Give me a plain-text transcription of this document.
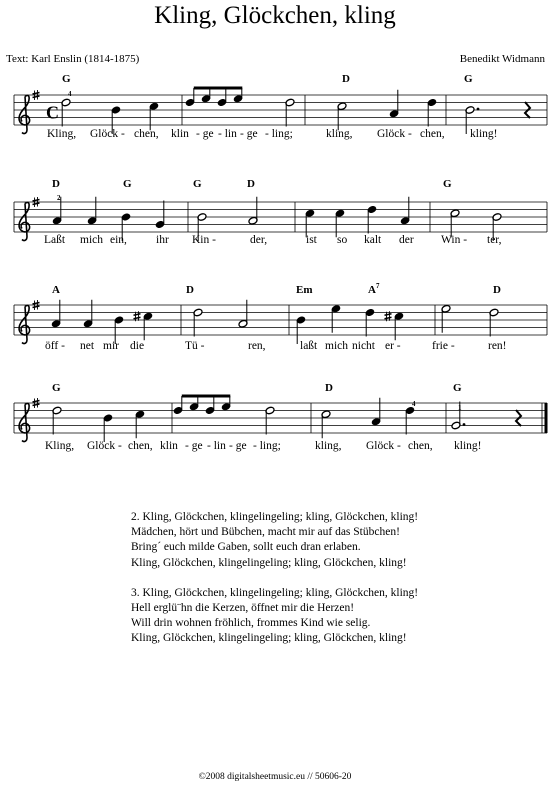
Kling, Glöckchen, kling
Text: Karl Enslin (1814-1875)	Benedikt Widmann
C
G	D	G
4
Kling, Glöck - chen, klin - ge - lin - ge - ling;	kling, Glöck - chen, kling!
D	G	G	D	G
2
Laßt mich ein,	ihr Kin -	der,	ist so kalt der Win - ter,
A	D	Em	$A^7$	D
öff - net mir die	Tü -	ren,	laßt mich nicht er -	frie -	ren!
G	D	G
4	1
Kling, Glöck - chen, klin - ge - lin - ge - ling;	kling, Glöck - chen, kling!
2. Kling, Glöckchen, klingelingeling; kling, Glöckchen, kling!
Mädchen, hört und Bübchen, macht mir auf das Stübchen!
Bring´ euch milde Gaben, sollt euch dran erlaben.
Kling, Glöckchen, klingelingeling; kling, Glöckchen, kling!
3. Kling, Glöckchen, klingelingeling; kling, Glöckchen, kling!
Hell erglü¨hn die Kerzen, öffnet mir die Herzen!
Will drin wohnen fröhlich, frommes Kind wie selig.
Kling, Glöckchen, klingelingeling; kling, Glöckchen, kling!
©2008 digitalsheetmusic.eu // 50606-20
